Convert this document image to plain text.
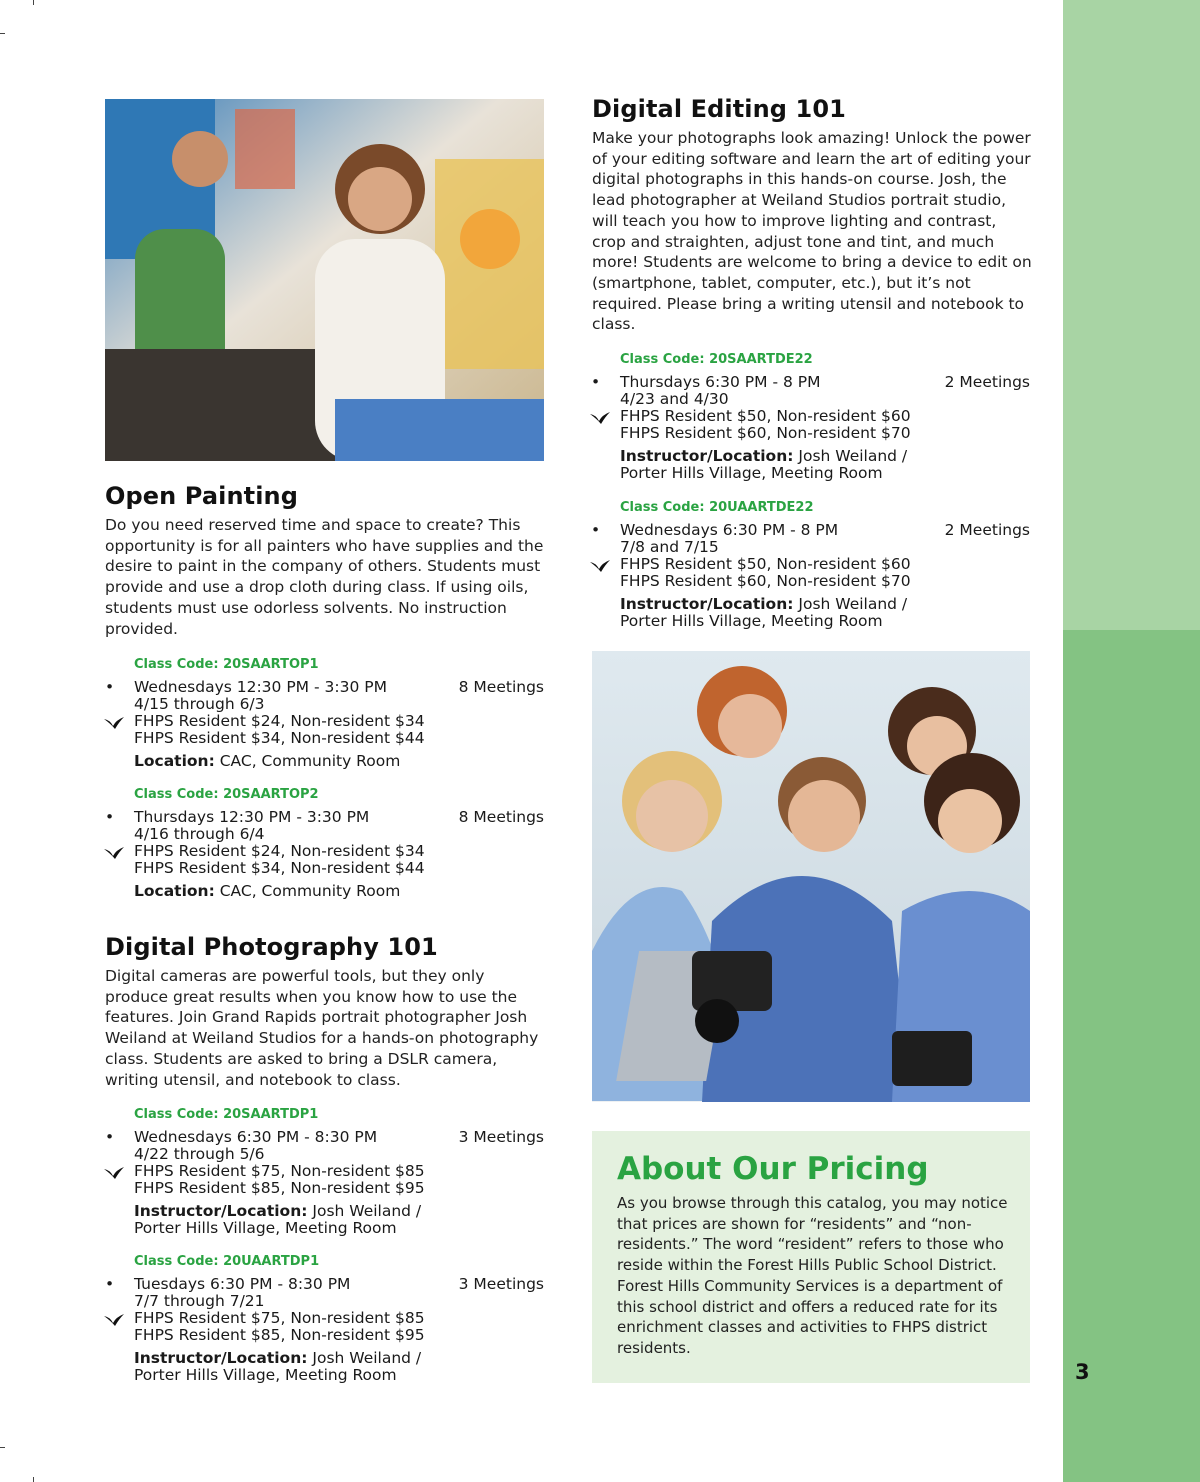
3
Open Painting

Do you need reserved time and space to create? This opportunity is for all painters who have supplies and the desire to paint in the company of others. Students must provide and use a drop cloth during class. If using oils, students must use odorless solvents. No instruction provided.

Class Code: 20SAARTOP1
• Wednesdays 12:30 PM - 3:30 PM	8 Meetings
4/15 through 6/3
FHPS Resident $24, Non-resident $34
FHPS Resident $34, Non-resident $44
Location: CAC, Community Room
Class Code: 20SAARTOP2
• Thursdays 12:30 PM - 3:30 PM	8 Meetings
4/16 through 6/4
FHPS Resident $24, Non-resident $34
FHPS Resident $34, Non-resident $44
Location: CAC, Community Room
Digital Photography 101

Digital cameras are powerful tools, but they only produce great results when you know how to use the features. Join Grand Rapids portrait photographer Josh Weiland at Weiland Studios for a hands-on photography class. Students are asked to bring a DSLR camera, writing utensil, and notebook to class.

Class Code: 20SAARTDP1
• Wednesdays 6:30 PM - 8:30 PM	3 Meetings
4/22 through 5/6
FHPS Resident $75, Non-resident $85
FHPS Resident $85, Non-resident $95
Instructor/Location: Josh Weiland /
Porter Hills Village, Meeting Room
Class Code: 20UAARTDP1
• Tuesdays 6:30 PM - 8:30 PM	3 Meetings
7/7 through 7/21
FHPS Resident $75, Non-resident $85
FHPS Resident $85, Non-resident $95
Instructor/Location: Josh Weiland /
Porter Hills Village, Meeting Room
Digital Editing 101

Make your photographs look amazing! Unlock the power of your editing software and learn the art of editing your digital photographs in this hands-on course. Josh, the lead photographer at Weiland Studios portrait studio, will teach you how to improve lighting and contrast, crop and straighten, adjust tone and tint, and much more! Students are welcome to bring a device to edit on (smartphone, tablet, computer, etc.), but it’s not required. Please bring a writing utensil and notebook to class.

Class Code: 20SAARTDE22
• Thursdays 6:30 PM - 8 PM	2 Meetings
4/23 and 4/30
FHPS Resident $50, Non-resident $60
FHPS Resident $60, Non-resident $70
Instructor/Location: Josh Weiland /
Porter Hills Village, Meeting Room
Class Code: 20UAARTDE22
• Wednesdays 6:30 PM - 8 PM	2 Meetings
7/8 and 7/15
FHPS Resident $50, Non-resident $60
FHPS Resident $60, Non-resident $70
Instructor/Location: Josh Weiland /
Porter Hills Village, Meeting Room
About Our Pricing

As you browse through this catalog, you may notice that prices are shown for “residents” and “non-residents.” The word “resident” refers to those who reside within the Forest Hills Public School District. Forest Hills Community Services is a department of this school district and offers a reduced rate for its enrichment classes and activities to FHPS district residents.
